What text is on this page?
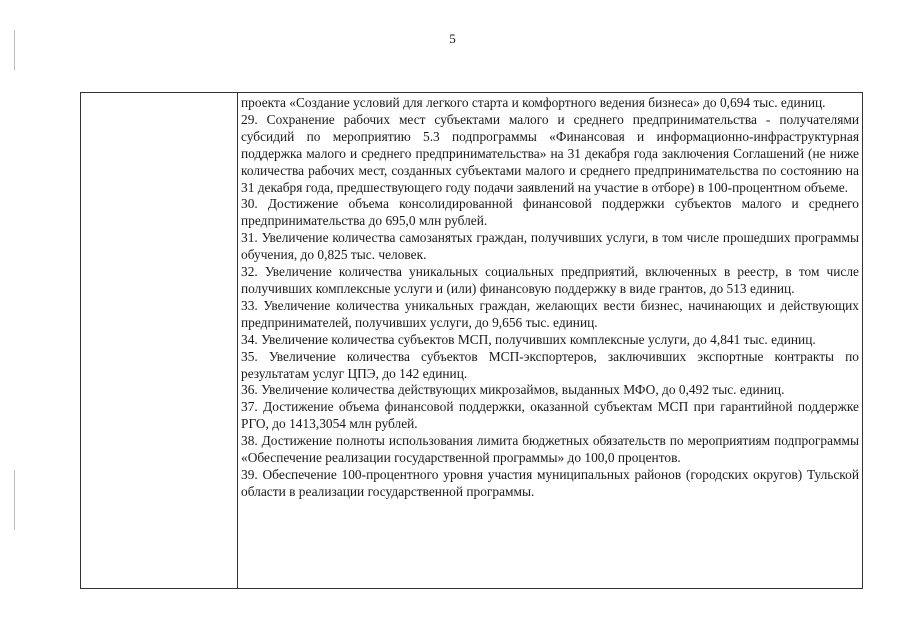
5

проекта «Создание условий для легкого старта и комфортного ведения бизнеса» до 0,694 тыс. единиц.

29. Сохранение рабочих мест субъектами малого и среднего предпринимательства - получателями субсидий по мероприятию 5.3 подпрограммы «Финансовая и информационно-инфраструктурная поддержка малого и среднего предпринимательства» на 31 декабря года заключения Соглашений (не ниже количества рабочих мест, созданных субъектами малого и среднего предпринимательства по состоянию на 31 декабря года, предшествующего году подачи заявлений на участие в отборе) в 100-процентном объеме.

30. Достижение объема консолидированной финансовой поддержки субъектов малого и среднего предпринимательства до 695,0 млн рублей.

31. Увеличение количества самозанятых граждан, получивших услуги, в том числе прошедших программы обучения, до 0,825 тыс. человек.

32. Увеличение количества уникальных социальных предприятий, включенных в реестр, в том числе получивших комплексные услуги и (или) финансовую поддержку в виде грантов, до 513 единиц.

33. Увеличение количества уникальных граждан, желающих вести бизнес, начинающих и действующих предпринимателей, получивших услуги, до 9,656 тыс. единиц.

34. Увеличение количества субъектов МСП, получивших комплексные услуги, до 4,841 тыс. единиц.

35. Увеличение количества субъектов МСП-экспортеров, заключивших экспортные контракты по результатам услуг ЦПЭ, до 142 единиц.

36. Увеличение количества действующих микрозаймов, выданных МФО, до 0,492 тыс. единиц.

37. Достижение объема финансовой поддержки, оказанной субъектам МСП при гарантийной поддержке РГО, до 1413,3054 млн рублей.

38. Достижение полноты использования лимита бюджетных обязательств по мероприятиям подпрограммы «Обеспечение реализации государственной программы» до 100,0 процентов.

39. Обеспечение 100-процентного уровня участия муниципальных районов (городских округов) Тульской области в реализации государственной программы.
